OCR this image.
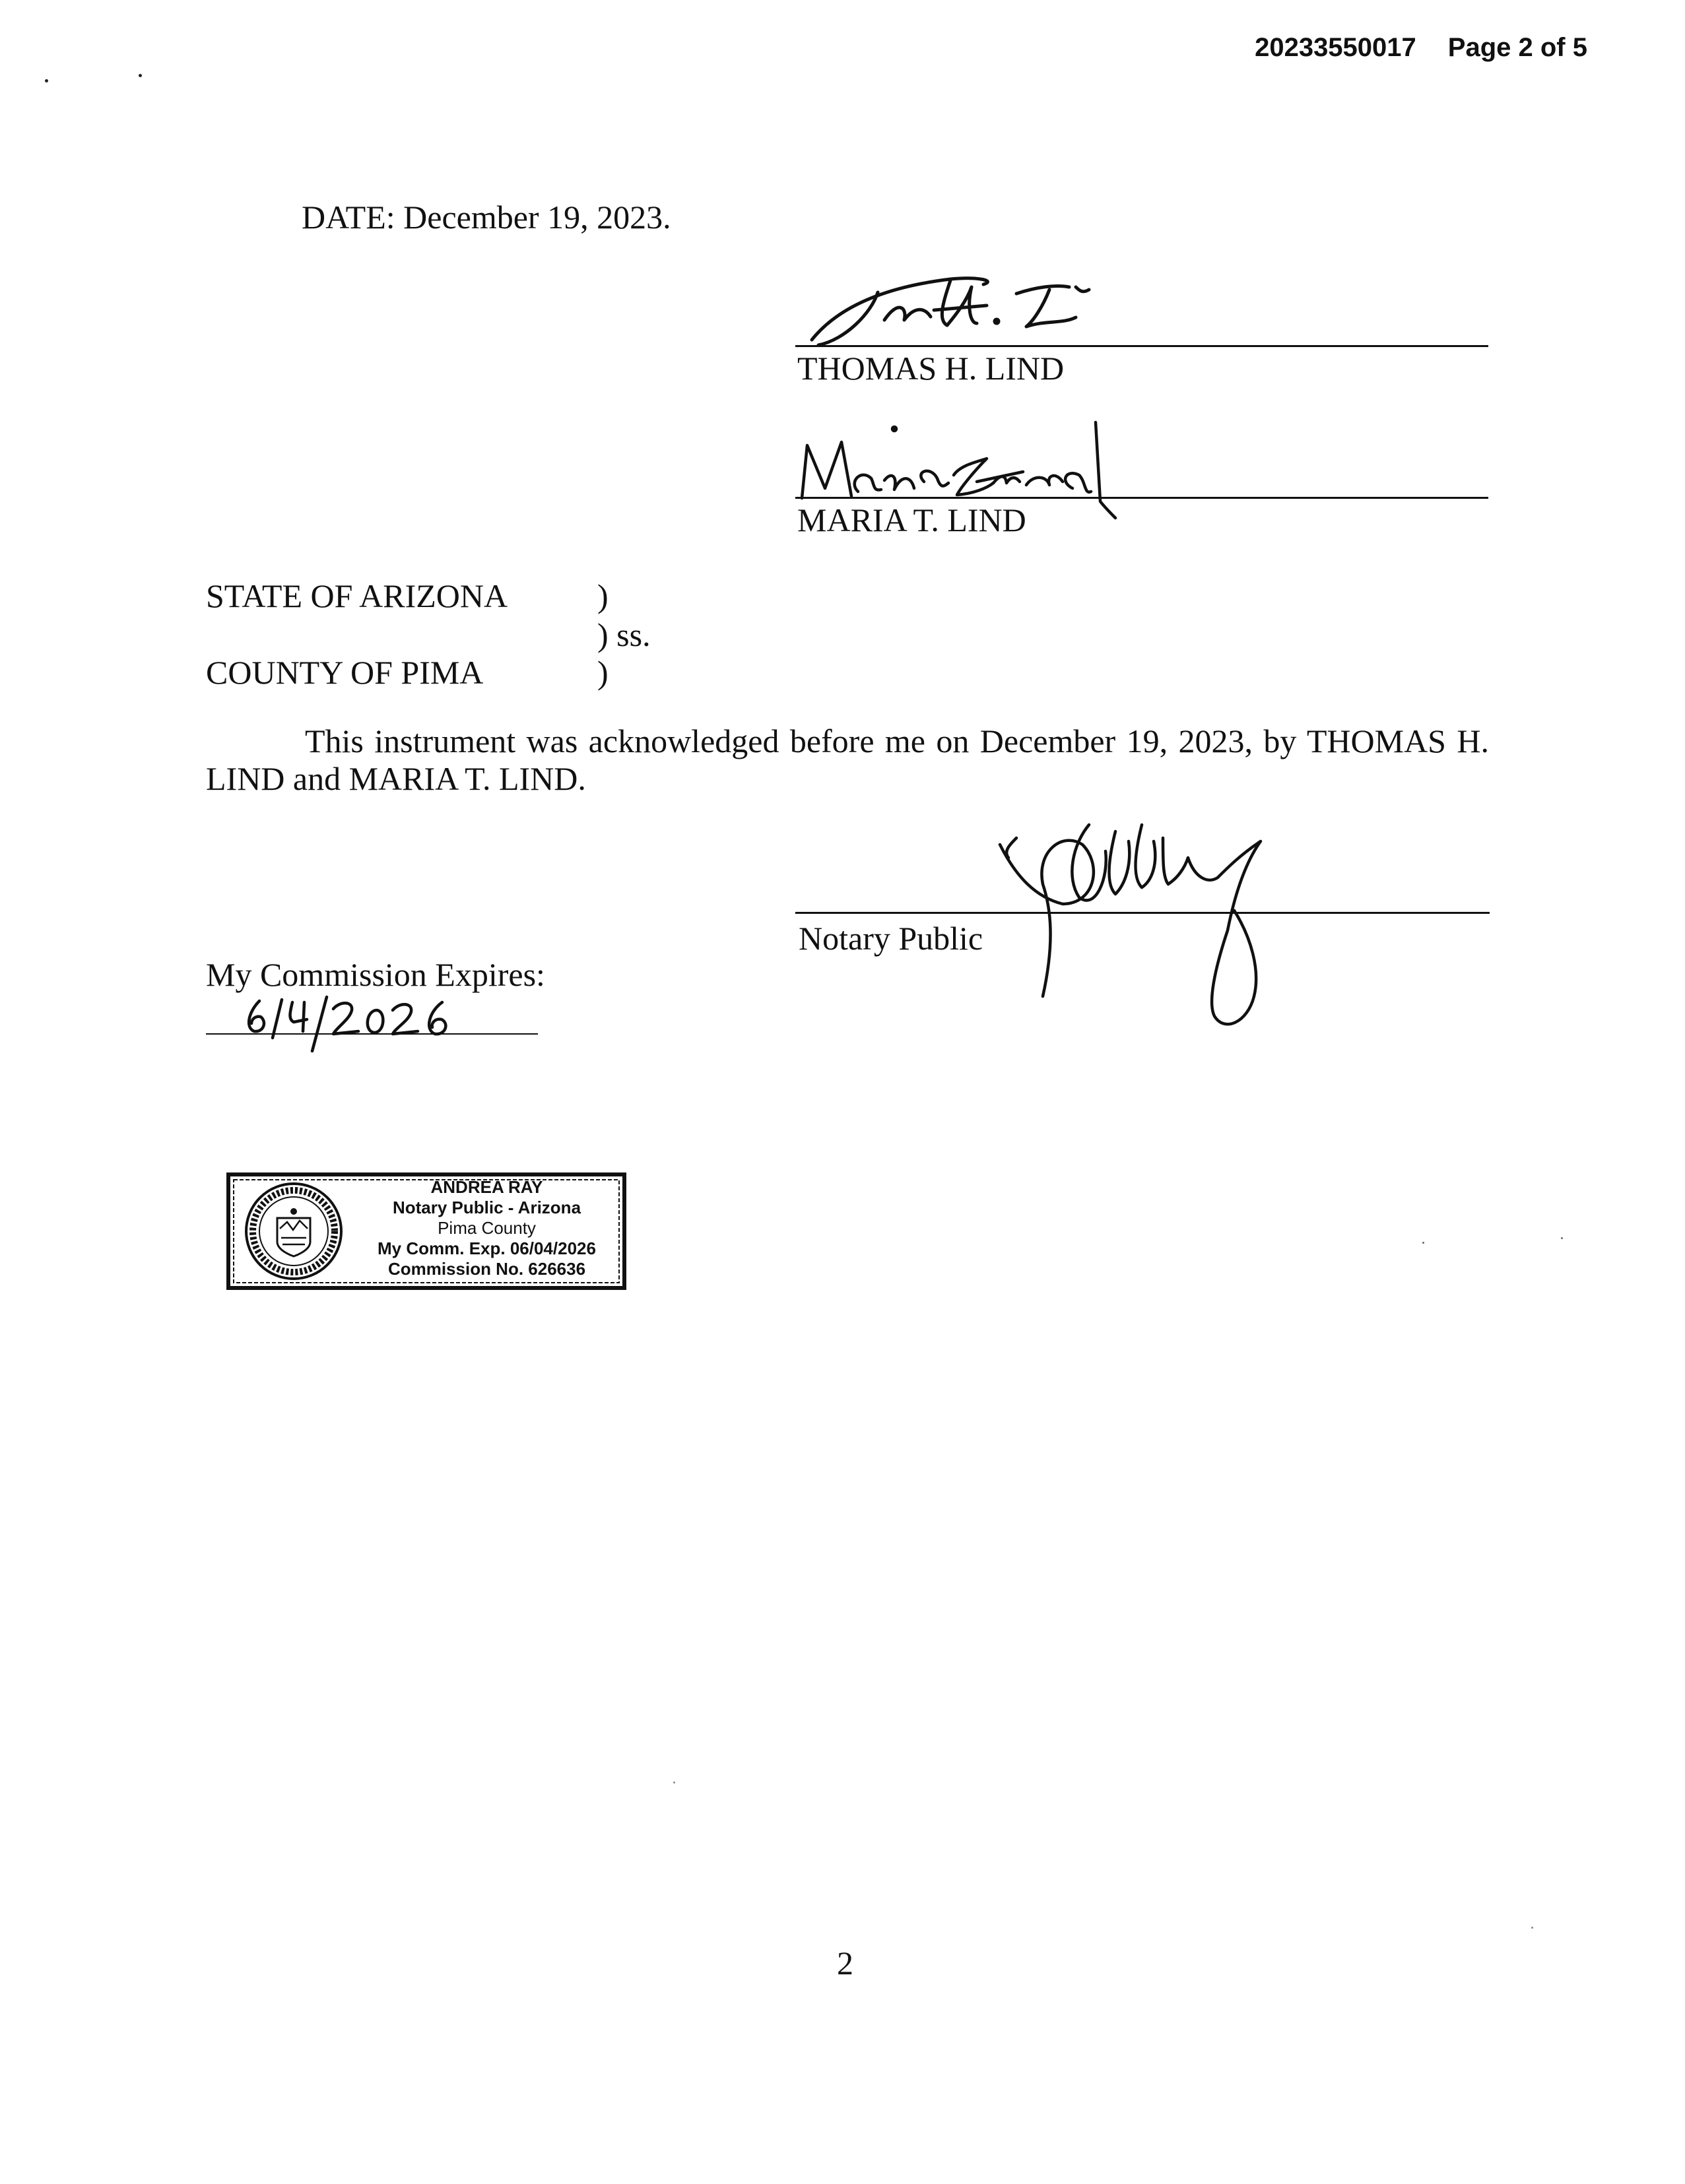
20233550017 Page 2 of 5
DATE: December 19, 2023.
THOMAS H. LIND
MARIA T. LIND
STATE OF ARIZONA	)
) ss.
COUNTY OF PIMA	)
This instrument was acknowledged before me on December 19, 2023, by THOMAS H. LIND and MARIA T. LIND.
Notary Public
My Commission Expires:
ANDREA RAY
Notary Public - Arizona
Pima County
My Comm. Exp. 06/04/2026
Commission No. 626636
2
